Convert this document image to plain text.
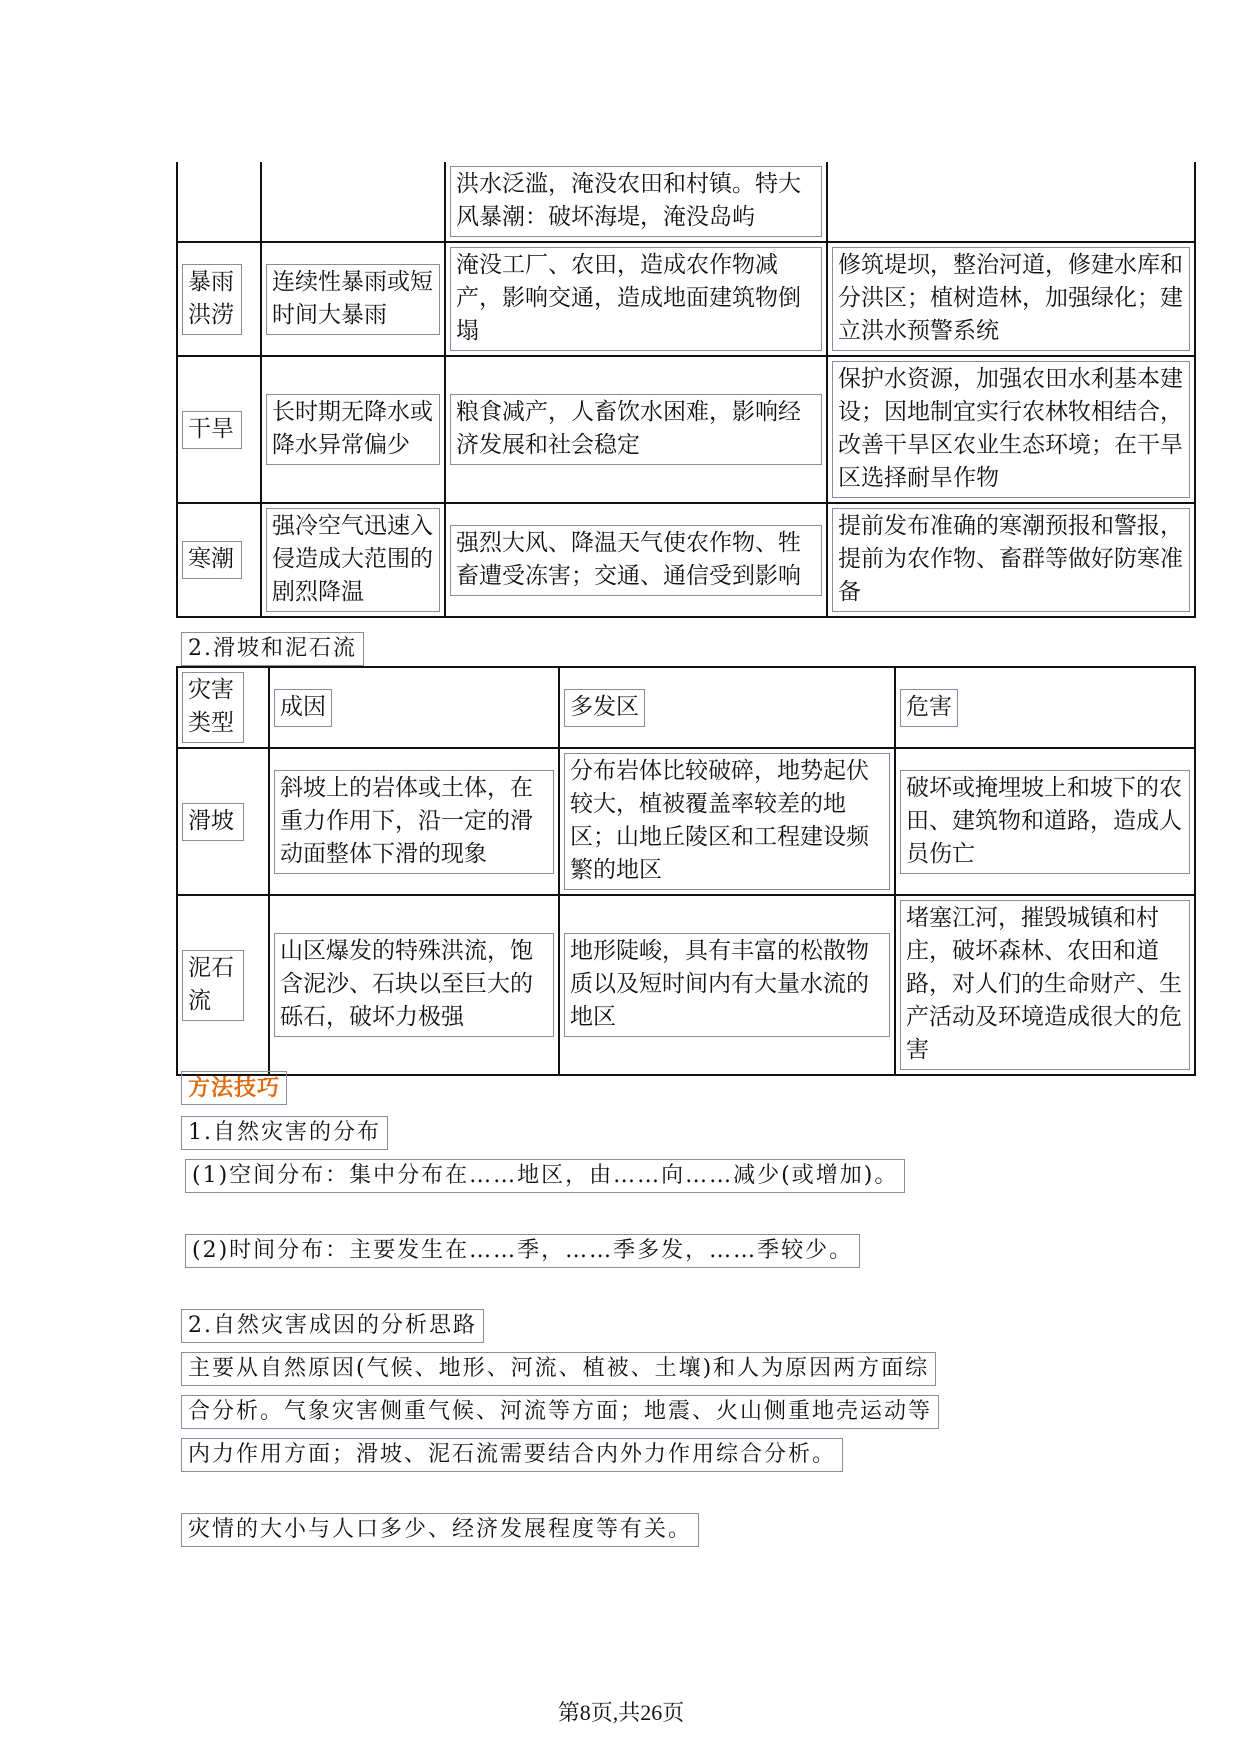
		洪水泛滥，淹没农田和村镇。特大风暴潮：破坏海堤，淹没岛屿	

暴雨洪涝	连续性暴雨或短时间大暴雨	淹没工厂、农田，造成农作物减产，影响交通，造成地面建筑物倒塌	修筑堤坝，整治河道，修建水库和分洪区；植树造林，加强绿化；建立洪水预警系统

干旱	长时期无降水或降水异常偏少	粮食减产，人畜饮水困难，影响经济发展和社会稳定	保护水资源，加强农田水利基本建设；因地制宜实行农林牧相结合，改善干旱区农业生态环境；在干旱区选择耐旱作物

寒潮	强冷空气迅速入侵造成大范围的剧烈降温	强烈大风、降温天气使农作物、牲畜遭受冻害；交通、通信受到影响	提前发布准确的寒潮预报和警报，提前为农作物、畜群等做好防寒准备
2.滑坡和泥石流
灾害类型	成因	多发区	危害
滑坡	斜坡上的岩体或土体，在重力作用下，沿一定的滑动面整体下滑的现象	分布岩体比较破碎，地势起伏较大，植被覆盖率较差的地区；山地丘陵区和工程建设频繁的地区	破坏或掩埋坡上和坡下的农田、建筑物和道路，造成人员伤亡

泥石流	山区爆发的特殊洪流，饱含泥沙、石块以至巨大的砾石，破坏力极强	地形陡峻，具有丰富的松散物质以及短时间内有大量水流的地区	堵塞江河，摧毁城镇和村庄，破坏森林、农田和道路，对人们的生命财产、生产活动及环境造成很大的危害
方法技巧
1.自然灾害的分布
(1)空间分布：集中分布在……地区，由……向……减少(或增加)。
(2)时间分布：主要发生在……季，……季多发，……季较少。
2.自然灾害成因的分析思路
主要从自然原因(气候、地形、河流、植被、土壤)和人为原因两方面综
合分析。气象灾害侧重气候、河流等方面；地震、火山侧重地壳运动等
内力作用方面；滑坡、泥石流需要结合内外力作用综合分析。
灾情的大小与人口多少、经济发展程度等有关。
第8页,共26页
